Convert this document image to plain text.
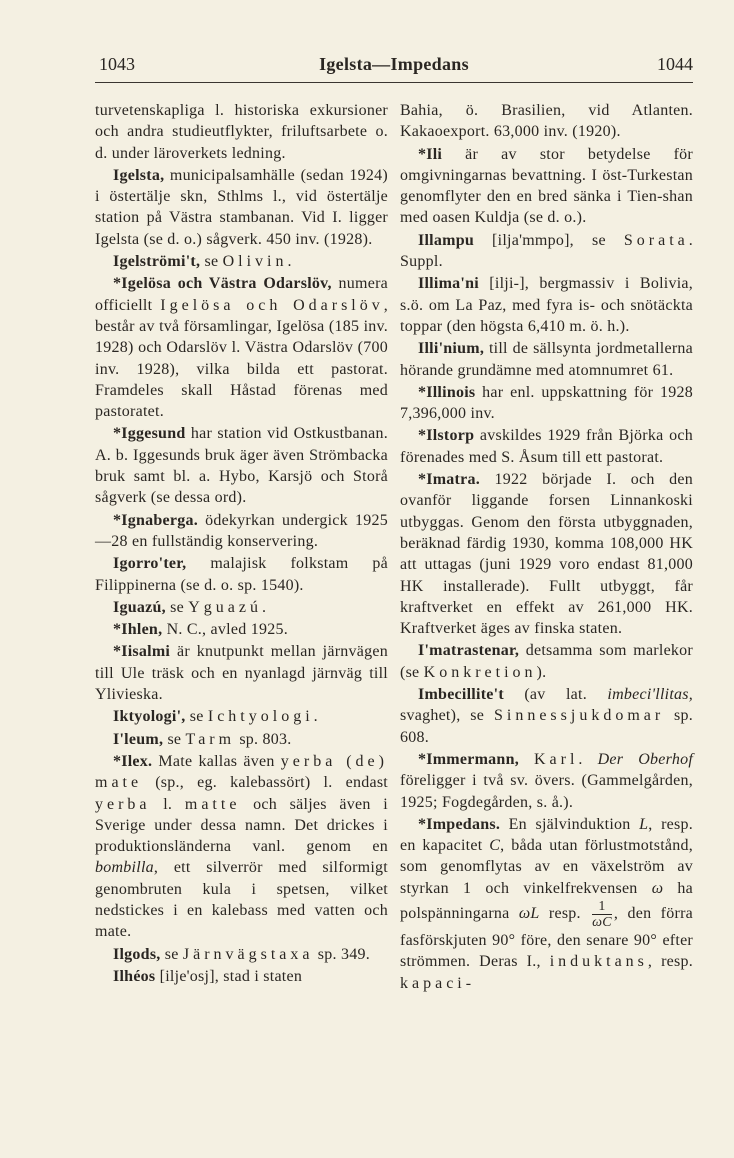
1043	Igelsta—Impedans	1044

turvetenskapliga l. historiska exkursioner och andra studieutflykter, friluftsarbete o. d. under läroverkets ledning.

Igelsta, municipalsamhälle (sedan 1924) i östertälje skn, Sthlms l., vid östertälje station på Västra stambanan. Vid I. ligger Igelsta (se d. o.) sågverk. 450 inv. (1928).

Igelströmi't, se Olivin.

*Igelösa och Västra Odarslöv, numera officiellt Igelösa och Odarslöv, består av två församlingar, Igelösa (185 inv. 1928) och Odarslöv l. Västra Odarslöv (700 inv. 1928), vilka bilda ett pastorat. Framdeles skall Håstad förenas med pastoratet.

*Iggesund har station vid Ostkustbanan. A. b. Iggesunds bruk äger även Strömbacka bruk samt bl. a. Hybo, Karsjö och Storå sågverk (se dessa ord).

*Ignaberga. ödekyrkan undergick 1925—28 en fullständig konservering.

Igorro'ter, malajisk folkstam på Filippinerna (se d. o. sp. 1540).

Iguazú, se Yguazú.

*Ihlen, N. C., avled 1925.

*Iisalmi är knutpunkt mellan järnvägen till Ule träsk och en nyanlagd järnväg till Ylivieska.

Iktyologi', se Ichtyologi.

I'leum, se Tarm sp. 803.

*Ilex. Mate kallas även yerba (de) mate (sp., eg. kalebassört) l. endast yerba l. matte och säljes även i Sverige under dessa namn. Det drickes i produktionsländerna vanl. genom en bombilla, ett silverrör med silformigt genombruten kula i spetsen, vilket nedstickes i en kalebass med vatten och mate.

Ilgods, se Järnvägstaxa sp. 349.

Ilhéos [ilje'osj], stad i staten

Bahia, ö. Brasilien, vid Atlanten. Kakaoexport. 63,000 inv. (1920).

*Ili är av stor betydelse för omgivningarnas bevattning. I öst-Turkestan genomflyter den en bred sänka i Tien-shan med oasen Kuldja (se d. o.).

Illampu [ilja'mmpo], se Sorata. Suppl.

Illima'ni [ilji-], bergmassiv i Bolivia, s.ö. om La Paz, med fyra is- och snötäckta toppar (den högsta 6,410 m. ö. h.).

Illi'nium, till de sällsynta jordmetallerna hörande grundämne med atomnumret 61.

*Illinois har enl. uppskattning för 1928 7,396,000 inv.

*Ilstorp avskildes 1929 från Björka och förenades med S. Åsum till ett pastorat.

*Imatra. 1922 började I. och den ovanför liggande forsen Linnankoski utbyggas. Genom den första utbyggnaden, beräknad färdig 1930, komma 108,000 HK att uttagas (juni 1929 voro endast 81,000 HK installerade). Fullt utbyggt, får kraftverket en effekt av 261,000 HK. Kraftverket äges av finska staten.

I'matrastenar, detsamma som marlekor (se Konkretion).

Imbecillite't (av lat. imbeci'llitas, svaghet), se Sinnessjukdomar sp. 608.

*Immermann, Karl. Der Oberhof föreligger i två sv. övers. (Gammelgården, 1925; Fogdegården, s. å.).

*Impedans. En självinduktion L, resp. en kapacitet C, båda utan förlustmotstånd, som genomflytas av en växelström av styrkan 1 och vinkelfrekvensen ω ha polspänningarna ωL resp. $\frac{1}{\omega C}$ , den förra fasförskjuten 90° före, den senare 90° efter strömmen. Deras I., induktans, resp. kapaci-
